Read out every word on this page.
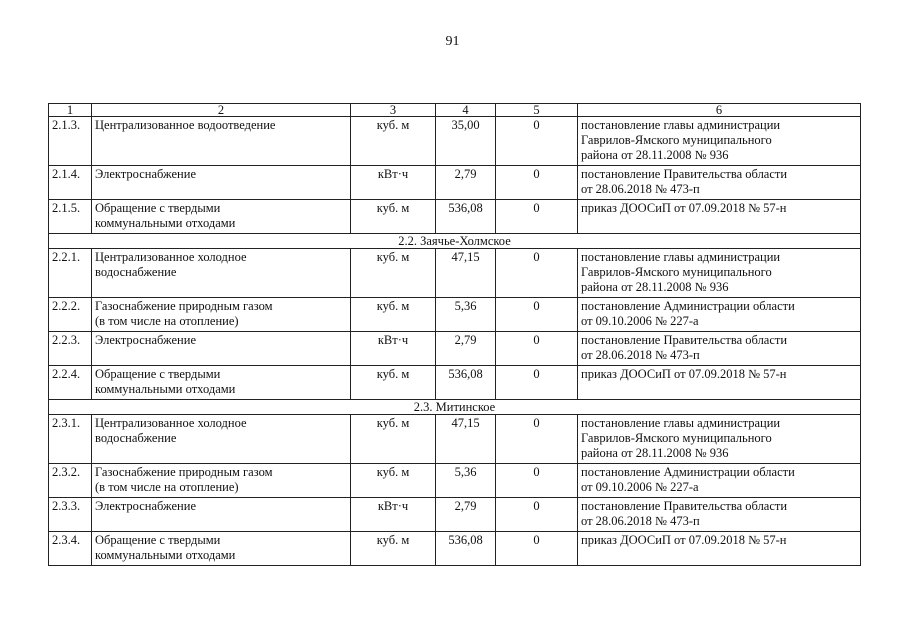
91
1	2	3	4	5	6
2.1.3.	Централизованное водоотведение	куб. м	35,00	0	постановление главы администрации
Гаврилов-Ямского муниципального
района от 28.11.2008 № 936
2.1.4.	Электроснабжение	кВт·ч	2,79	0	постановление Правительства области
от 28.06.2018 № 473-п
2.1.5.	Обращение с твердыми
коммунальными отходами	куб. м	536,08	0	приказ ДООСиП от 07.09.2018 № 57-н
2.2. Заячье-Холмское					
2.2.1.	Централизованное холодное
водоснабжение	куб. м	47,15	0	постановление главы администрации
Гаврилов-Ямского муниципального
района от 28.11.2008 № 936
2.2.2.	Газоснабжение природным газом
(в том числе на отопление)	куб. м	5,36	0	постановление Администрации области
от 09.10.2006 № 227-а
2.2.3.	Электроснабжение	кВт·ч	2,79	0	постановление Правительства области
от 28.06.2018 № 473-п
2.2.4.	Обращение с твердыми
коммунальными отходами	куб. м	536,08	0	приказ ДООСиП от 07.09.2018 № 57-н
2.3. Митинское					
2.3.1.	Централизованное холодное
водоснабжение	куб. м	47,15	0	постановление главы администрации
Гаврилов-Ямского муниципального
района от 28.11.2008 № 936
2.3.2.	Газоснабжение природным газом
(в том числе на отопление)	куб. м	5,36	0	постановление Администрации области
от 09.10.2006 № 227-а
2.3.3.	Электроснабжение	кВт·ч	2,79	0	постановление Правительства области
от 28.06.2018 № 473-п
2.3.4.	Обращение с твердыми
коммунальными отходами	куб. м	536,08	0	приказ ДООСиП от 07.09.2018 № 57-н
